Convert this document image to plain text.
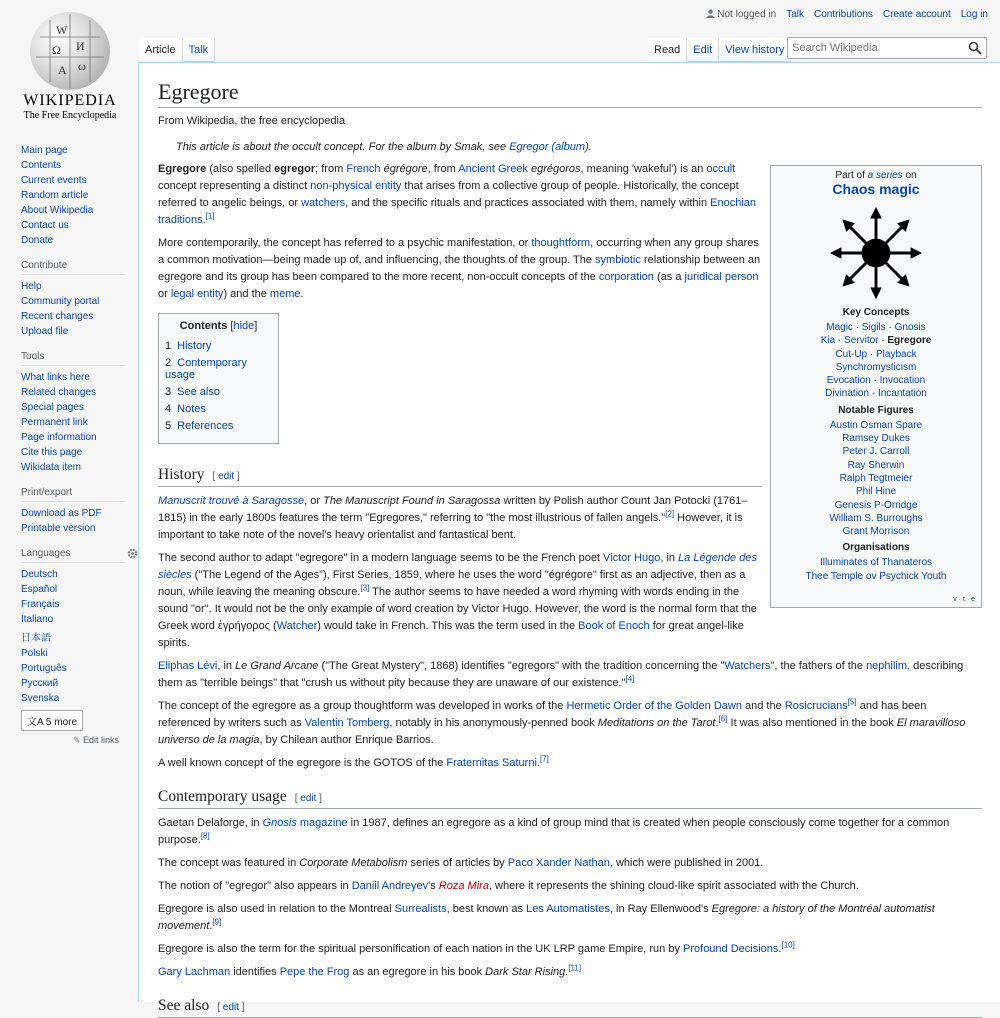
W
И
Ω
ω
A
WIKIPEDIA
The Free Encyclopedia
Not logged in Talk Contributions Create account Log in
Article	Talk	Read	Edit	View history
Search Wikipedia
Main page
Contents
Current events
Random article
About Wikipedia
Contact us
Donate
Contribute
Help
Community portal
Recent changes
Upload file
Tools
What links here
Related changes
Special pages
Permanent link
Page information
Cite this page
Wikidata item
Print/export
Download as PDF
Printable version
Languages
Deutsch
Español
Français
Italiano
日本語
Polski
Português
Русский
Svenska
文A 5 more
✎ Edit links
Egregore
From Wikipedia, the free encyclopedia
This article is about the occult concept. For the album by Smak, see Egregor (album).
Part of a series on
Chaos magic
Key Concepts
Magic · Sigils · Gnosis
Kia · Servitor · Egregore
Cut-Up · Playback
Synchromysticism
Evocation · Invocation
Divination · Incantation
Notable Figures
Austin Osman Spare
Ramsey Dukes
Peter J. Carroll
Ray Sherwin
Ralph Tegtmeier
Phil Hine
Genesis P-Orridge
William S. Burroughs
Grant Morrison
Organisations
Illuminates of Thanateros
Thee Temple ov Psychick Youth
v · t · e

Egregore (also spelled egregor; from French égrégore, from Ancient Greek egrégoros, meaning 'wakeful') is an occult concept representing a distinct non-physical entity that arises from a collective group of people. Historically, the concept referred to angelic beings, or watchers, and the specific rituals and practices associated with them, namely within Enochian traditions.[1]

More contemporarily, the concept has referred to a psychic manifestation, or thoughtform, occurring when any group shares a common motivation—being made up of, and influencing, the thoughts of the group. The symbiotic relationship between an egregore and its group has been compared to the more recent, non-occult concepts of the corporation (as a juridical person or legal entity) and the meme.

Contents [hide]
1 History
2 Contemporary usage
3 See also
4 Notes
5 References
History [ edit ]

Manuscrit trouvé à Saragosse, or The Manuscript Found in Saragossa written by Polish author Count Jan Potocki (1761–1815) in the early 1800s features the term "Egregores," referring to "the most illustrious of fallen angels."[2] However, it is important to take note of the novel's heavy orientalist and fantastical bent.

The second author to adapt "egregore" in a modern language seems to be the French poet Victor Hugo, in La Légende des siècles ("The Legend of the Ages"), First Series, 1859, where he uses the word "égrégore" first as an adjective, then as a noun, while leaving the meaning obscure.[3] The author seems to have needed a word rhyming with words ending in the sound "or". It would not be the only example of word creation by Victor Hugo. However, the word is the normal form that the Greek word ἐγρήγορος (Watcher) would take in French. This was the term used in the Book of Enoch for great angel-like spirits.

Eliphas Lévi, in Le Grand Arcane ("The Great Mystery", 1868) identifies "egregors" with the tradition concerning the "Watchers", the fathers of the nephilim, describing them as "terrible beings" that "crush us without pity because they are unaware of our existence."[4]

The concept of the egregore as a group thoughtform was developed in works of the Hermetic Order of the Golden Dawn and the Rosicrucians[5] and has been referenced by writers such as Valentin Tomberg, notably in his anonymously-penned book Meditations on the Tarot.[6] It was also mentioned in the book El maravilloso universo de la magia, by Chilean author Enrique Barrios.

A well known concept of the egregore is the GOTOS of the Fraternitas Saturni.[7]

Contemporary usage [ edit ]

Gaetan Delaforge, in Gnosis magazine in 1987, defines an egregore as a kind of group mind that is created when people consciously come together for a common purpose.[8]

The concept was featured in Corporate Metabolism series of articles by Paco Xander Nathan, which were published in 2001.

The notion of "egregor" also appears in Daniil Andreyev's Roza Mira, where it represents the shining cloud-like spirit associated with the Church.

Egregore is also used in relation to the Montreal Surrealists, best known as Les Automatistes, in Ray Ellenwood's Egregore: a history of the Montréal automatist movement.[9]

Egregore is also the term for the spiritual personification of each nation in the UK LRP game Empire, run by Profound Decisions.[10]

Gary Lachman identifies Pepe the Frog as an egregore in his book Dark Star Rising.[11]

See also [ edit ]
